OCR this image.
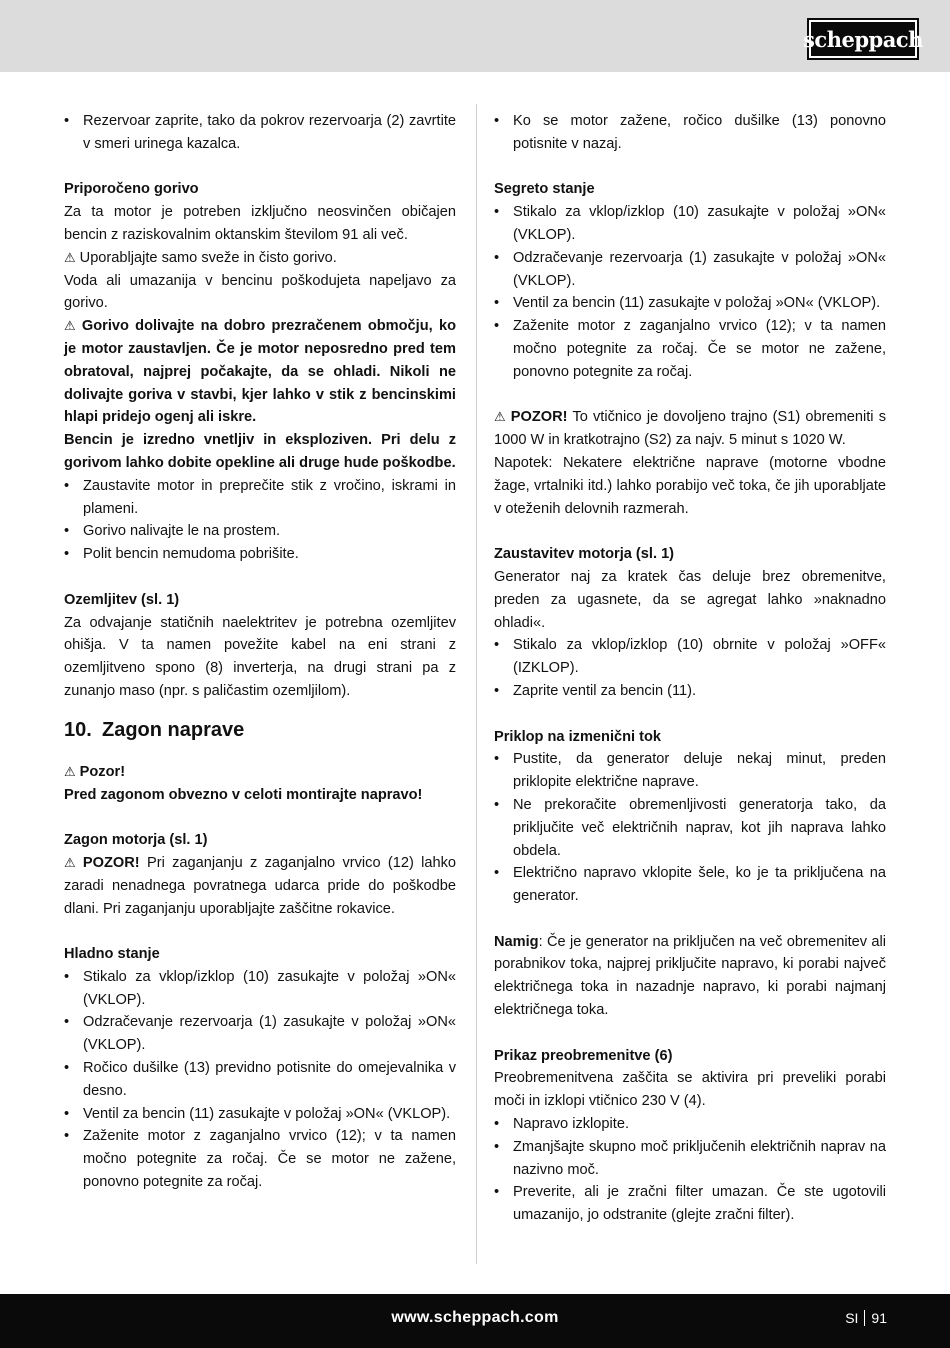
scheppach
• Rezervoar zaprite, tako da pokrov rezervoarja (2) zavrtite v smeri urinega kazalca.

Priporočeno gorivo

Za ta motor je potreben izključno neosvinčen običajen bencin z raziskovalnim oktanskim številom 91 ali več.

⚠ Uporabljajte samo sveže in čisto gorivo.

Voda ali umazanija v bencinu poškodujeta napeljavo za gorivo.

⚠ Gorivo dolivajte na dobro prezračenem območju, ko je motor zaustavljen. Če je motor neposredno pred tem obratoval, najprej počakajte, da se ohladi. Nikoli ne dolivajte goriva v stavbi, kjer lahko v stik z bencinskimi hlapi pridejo ogenj ali iskre.

Bencin je izredno vnetljiv in eksploziven. Pri delu z gorivom lahko dobite opekline ali druge hude poškodbe.

• Zaustavite motor in preprečite stik z vročino, iskrami in plameni.
• Gorivo nalivajte le na prostem.
• Polit bencin nemudoma pobrišite.

Ozemljitev (sl. 1)

Za odvajanje statičnih naelektritev je potrebna ozemljitev ohišja. V ta namen povežite kabel na eni strani z ozemljitveno spono (8) inverterja, na drugi strani pa z zunanjo maso (npr. s paličastim ozemljilom).

10. Zagon naprave

⚠ Pozor!

Pred zagonom obvezno v celoti montirajte napravo!

Zagon motorja (sl. 1)

⚠ POZOR! Pri zaganjanju z zaganjalno vrvico (12) lahko zaradi nenadnega povratnega udarca pride do poškodbe dlani. Pri zaganjanju uporabljajte zaščitne rokavice.

Hladno stanje

• Stikalo za vklop/izklop (10) zasukajte v položaj »ON« (VKLOP).
• Odzračevanje rezervoarja (1) zasukajte v položaj »ON« (VKLOP).
• Ročico dušilke (13) previdno potisnite do omejevalnika v desno.
• Ventil za bencin (11) zasukajte v položaj »ON« (VKLOP).
• Zaženite motor z zaganjalno vrvico (12); v ta namen močno potegnite za ročaj. Če se motor ne zažene, ponovno potegnite za ročaj.
• Ko se motor zažene, ročico dušilke (13) ponovno potisnite v nazaj.

Segreto stanje

• Stikalo za vklop/izklop (10) zasukajte v položaj »ON« (VKLOP).
• Odzračevanje rezervoarja (1) zasukajte v položaj »ON« (VKLOP).
• Ventil za bencin (11) zasukajte v položaj »ON« (VKLOP).
• Zaženite motor z zaganjalno vrvico (12); v ta namen močno potegnite za ročaj. Če se motor ne zažene, ponovno potegnite za ročaj.

⚠ POZOR! To vtičnico je dovoljeno trajno (S1) obremeniti s 1000 W in kratkotrajno (S2) za najv. 5 minut s 1020 W.

Napotek: Nekatere električne naprave (motorne vbodne žage, vrtalniki itd.) lahko porabijo več toka, če jih uporabljate v oteženih delovnih razmerah.

Zaustavitev motorja (sl. 1)

Generator naj za kratek čas deluje brez obremenitve, preden za ugasnete, da se agregat lahko »naknadno ohladi«.

• Stikalo za vklop/izklop (10) obrnite v položaj »OFF« (IZKLOP).
• Zaprite ventil za bencin (11).

Priklop na izmenični tok

• Pustite, da generator deluje nekaj minut, preden priklopite električne naprave.
• Ne prekoračite obremenljivosti generatorja tako, da priključite več električnih naprav, kot jih naprava lahko obdela.
• Električno napravo vklopite šele, ko je ta priključena na generator.

Namig: Če je generator na priključen na več obremenitev ali porabnikov toka, najprej priključite napravo, ki porabi največ električnega toka in nazadnje napravo, ki porabi najmanj električnega toka.

Prikaz preobremenitve (6)

Preobremenitvena zaščita se aktivira pri preveliki porabi moči in izklopi vtičnico 230 V (4).

• Napravo izklopite.
• Zmanjšajte skupno moč priključenih električnih naprav na nazivno moč.
• Preverite, ali je zračni filter umazan. Če ste ugotovili umazanijo, jo odstranite (glejte zračni filter).
www.scheppach.com	SI 91
